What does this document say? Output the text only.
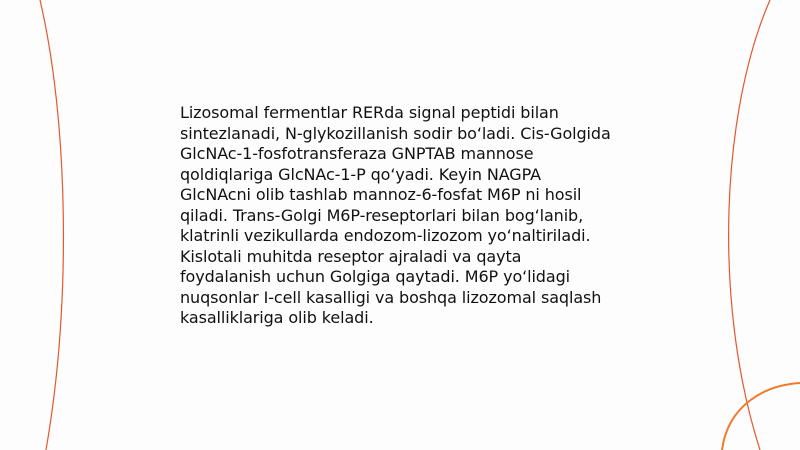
Lizosomal fermentlar RERda signal peptidi bilan
sintezlanadi, N-glykozillanish sodir bo‘ladi. Cis-Golgida
GlcNAc-1-fosfotransferaza GNPTAB mannose
qoldiqlariga GlcNAc-1-P qo‘yadi. Keyin NAGPA
GlcNAcni olib tashlab mannoz-6-fosfat M6P ni hosil
qiladi. Trans-Golgi M6P-reseptorlari bilan bog‘lanib,
klatrinli vezikullarda endozom-lizozom yo‘naltiriladi.
Kislotali muhitda reseptor ajraladi va qayta
foydalanish uchun Golgiga qaytadi. M6P yo‘lidagi
nuqsonlar I-cell kasalligi va boshqa lizozomal saqlash
kasalliklariga olib keladi.
